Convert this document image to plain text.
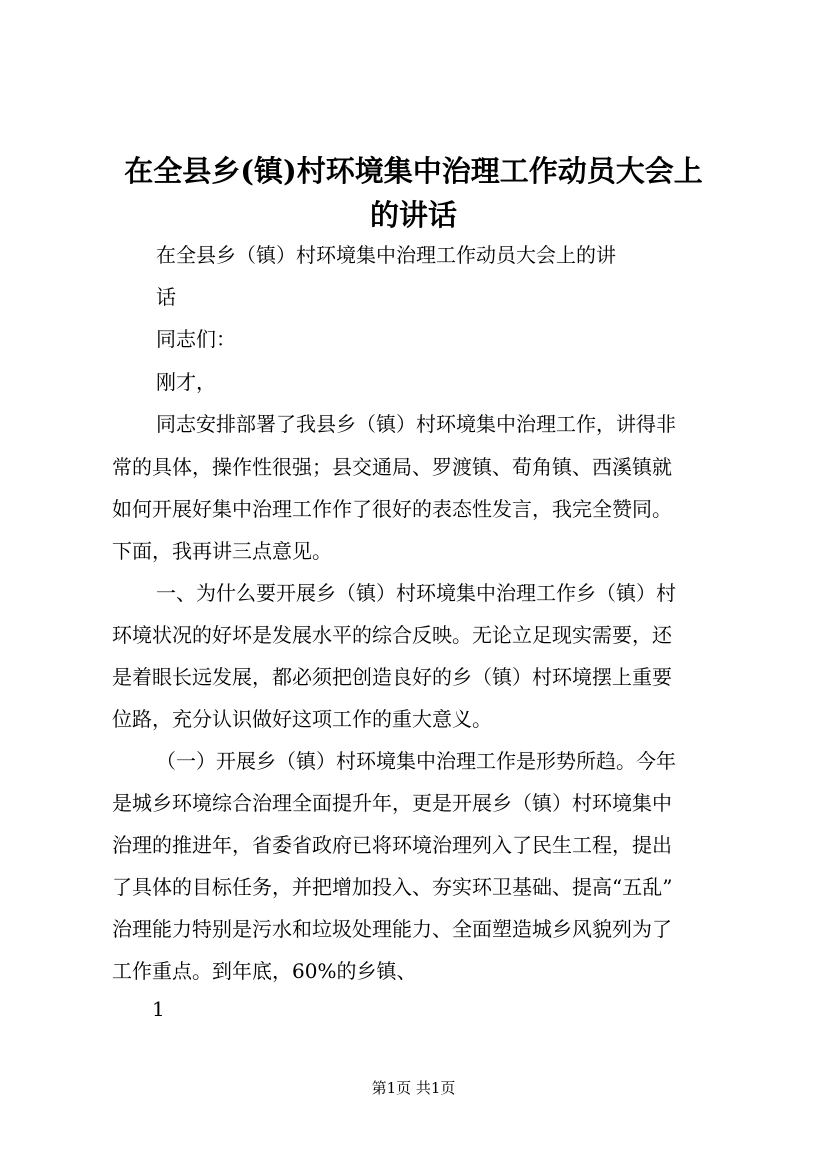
在全县乡(镇)村环境集中治理工作动员大会上
的讲话
在全县乡（镇）村环境集中治理工作动员大会上的讲
话
同志们：
刚才，
同志安排部署了我县乡（镇）村环境集中治理工作，讲得非
常的具体，操作性很强；县交通局、罗渡镇、荀角镇、西溪镇就
如何开展好集中治理工作作了很好的表态性发言，我完全赞同。
下面，我再讲三点意见。
一、为什么要开展乡（镇）村环境集中治理工作乡（镇）村
环境状况的好坏是发展水平的综合反映。无论立足现实需要，还
是着眼长远发展，都必须把创造良好的乡（镇）村环境摆上重要
位路，充分认识做好这项工作的重大意义。
（一）开展乡（镇）村环境集中治理工作是形势所趋。今年
是城乡环境综合治理全面提升年，更是开展乡（镇）村环境集中
治理的推进年，省委省政府已将环境治理列入了民生工程，提出
了具体的目标任务，并把增加投入、夯实环卫基础、提高“五乱”
治理能力特别是污水和垃圾处理能力、全面塑造城乡风貌列为了
工作重点。到年底，60%的乡镇、
1
第1页 共1页
